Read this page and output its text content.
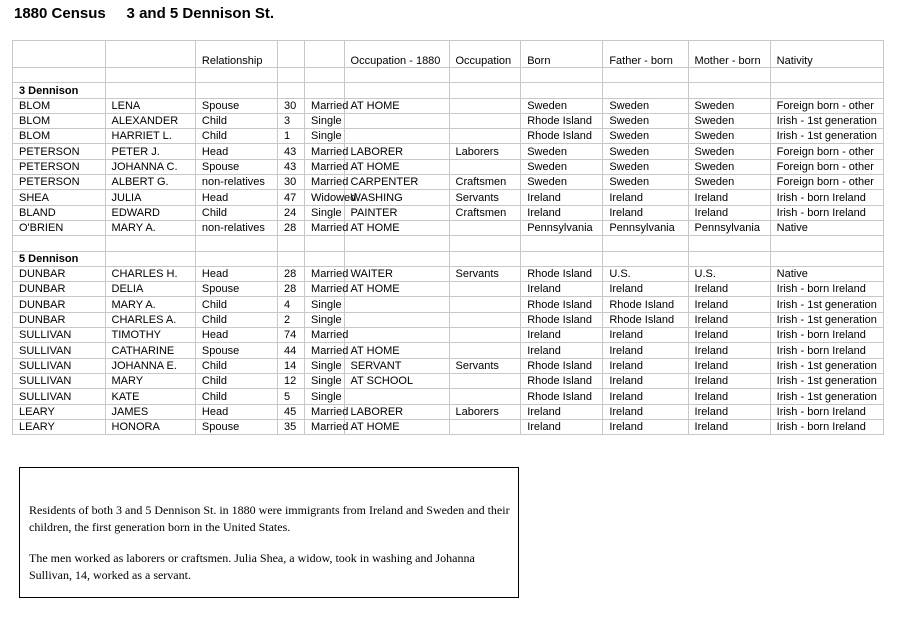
1880 Census     3 and 5 Dennison St.
		Relationship			Occupation - 1880	Occupation	Born	Father - born	Mother - born	Nativity

3 Dennison										
BLOM	LENA	Spouse	30	Married	AT HOME		Sweden	Sweden	Sweden	Foreign born - other
BLOM	ALEXANDER	Child	3	Single			Rhode Island	Sweden	Sweden	Irish - 1st generation
BLOM	HARRIET L.	Child	1	Single			Rhode Island	Sweden	Sweden	Irish - 1st generation
PETERSON	PETER J.	Head	43	Married	LABORER	Laborers	Sweden	Sweden	Sweden	Foreign born - other
PETERSON	JOHANNA C.	Spouse	43	Married	AT HOME		Sweden	Sweden	Sweden	Foreign born - other
PETERSON	ALBERT G.	non-relatives	30	Married	CARPENTER	Craftsmen	Sweden	Sweden	Sweden	Foreign born - other
SHEA	JULIA	Head	47	Widowed	WASHING	Servants	Ireland	Ireland	Ireland	Irish - born Ireland
BLAND	EDWARD	Child	24	Single	PAINTER	Craftsmen	Ireland	Ireland	Ireland	Irish - born Ireland
O'BRIEN	MARY A.	non-relatives	28	Married	AT HOME		Pennsylvania	Pennsylvania	Pennsylvania	Native

5 Dennison										
DUNBAR	CHARLES H.	Head	28	Married	WAITER	Servants	Rhode Island	U.S.	U.S.	Native
DUNBAR	DELIA	Spouse	28	Married	AT HOME		Ireland	Ireland	Ireland	Irish - born Ireland
DUNBAR	MARY A.	Child	4	Single			Rhode Island	Rhode Island	Ireland	Irish - 1st generation
DUNBAR	CHARLES A.	Child	2	Single			Rhode Island	Rhode Island	Ireland	Irish - 1st generation
SULLIVAN	TIMOTHY	Head	74	Married			Ireland	Ireland	Ireland	Irish - born Ireland
SULLIVAN	CATHARINE	Spouse	44	Married	AT HOME		Ireland	Ireland	Ireland	Irish - born Ireland
SULLIVAN	JOHANNA E.	Child	14	Single	SERVANT	Servants	Rhode Island	Ireland	Ireland	Irish - 1st generation
SULLIVAN	MARY	Child	12	Single	AT SCHOOL		Rhode Island	Ireland	Ireland	Irish - 1st generation
SULLIVAN	KATE	Child	5	Single			Rhode Island	Ireland	Ireland	Irish - 1st generation
LEARY	JAMES	Head	45	Married	LABORER	Laborers	Ireland	Ireland	Ireland	Irish - born Ireland
LEARY	HONORA	Spouse	35	Married	AT HOME		Ireland	Ireland	Ireland	Irish - born Ireland

Residents of both 3 and 5 Dennison St. in 1880 were immigrants from Ireland and Sweden and their children, the first generation born in the United States.

The men worked as laborers or craftsmen. Julia Shea, a widow, took in washing and Johanna Sullivan, 14, worked as a servant.
